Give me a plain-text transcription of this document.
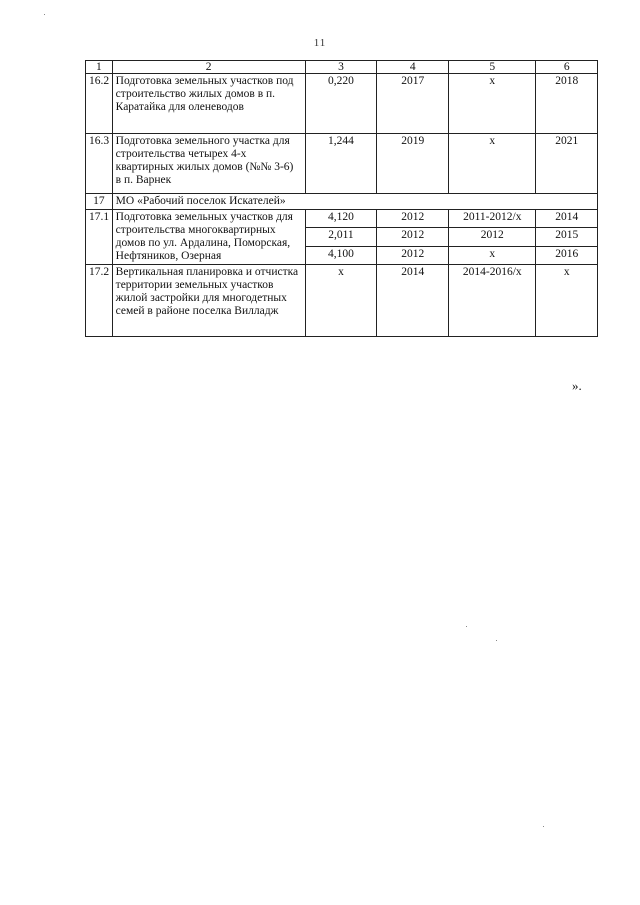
11
1	2	3	4	5	6
16.2	Подготовка земельных участков под строительство жилых домов в п. Каратайка для оленеводов	0,220	2017	х	2018
16.3	Подготовка земельного участка для строительства четырех 4-х квартирных жилых домов (№№ 3-6) в п. Варнек	1,244	2019	х	2021
17	МО «Рабочий поселок Искателей»				
17.1	Подготовка земельных участков для строительства многоквартирных домов по ул. Ардалина, Поморская, Нефтяников, Озерная	4,120	2012	2011-2012/х	2014
		2,011	2012	2012	2015
		4,100	2012	х	2016
17.2	Вертикальная планировка и отчистка территории земельных участков жилой застройки для многодетных семей в районе поселка Вилладж	х	2014	2014-2016/х	х
».
